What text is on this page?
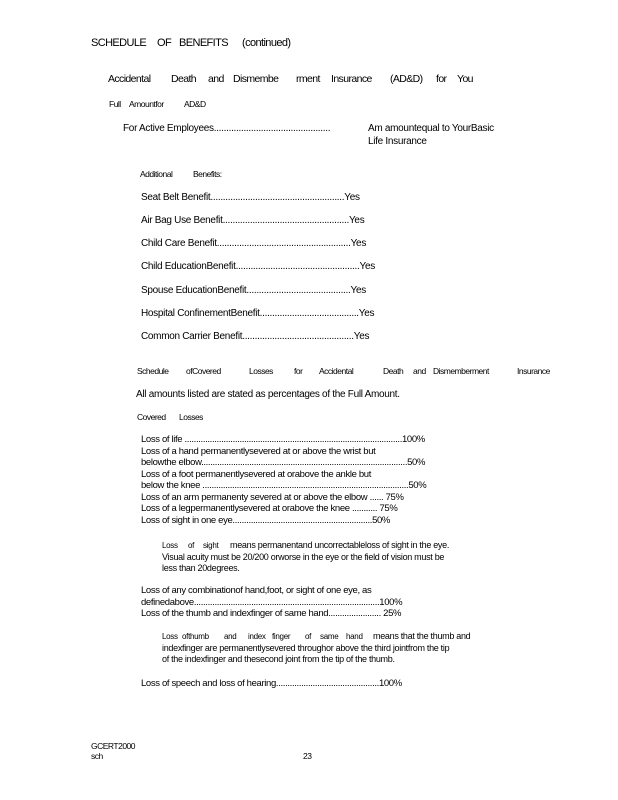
SCHEDULE OF BENEFITS (continued)
Accidental Death and Dismembe rment Insurance (AD&D) for You
Full Amountfor AD&D
For Active Employees...............................................	Am amountequal to YourBasic
Life Insurance
Additional Benefits:
Seat Belt Benefit......................................................Yes
Air Bag Use Benefit...................................................Yes
Child Care Benefit......................................................Yes
Child EducationBenefit..................................................Yes
Spouse EducationBenefit..........................................Yes
Hospital ConfinementBenefit........................................Yes
Common Carrier Benefit.............................................Yes
Schedule ofCovered	Losses for Accidental	Death and Dismemberment	Insurance
All amounts listed are stated as percentages of the Full Amount.
Covered Losses
Loss of life ...............................................................................................100%
Loss of a hand permanentlysevered at or above the wrist but
belowthe elbow..........................................................................................50%
Loss of a foot permanentlysevered at orabove the ankle but
below the knee ..........................................................................................50%
Loss of an arm permanenty severed at or above the elbow ...... 75%
Loss of a legpermanentlysevered at orabove the knee ........... 75%
Loss of sight in one eye.............................................................50%
Loss of sight means permanentand uncorrectableloss of sight in the eye.
Visual acuity must be 20/200 orworse in the eye or the field of vision must be
less than 20degrees.
Loss of any combinationof hand,foot, or sight of one eye, as
definedabove.................................................................................100%
Loss of the thumb and indexfinger of same hand....................... 25%
Loss ofthumb and index finger of same hand means that the thumb and
indexfinger are permanentlysevered throughor above the third jointfrom the tip
of the indexfinger and thesecond joint from the tip of the thumb.
Loss of speech and loss of hearing.............................................100%
GCERT2000
sch	23
